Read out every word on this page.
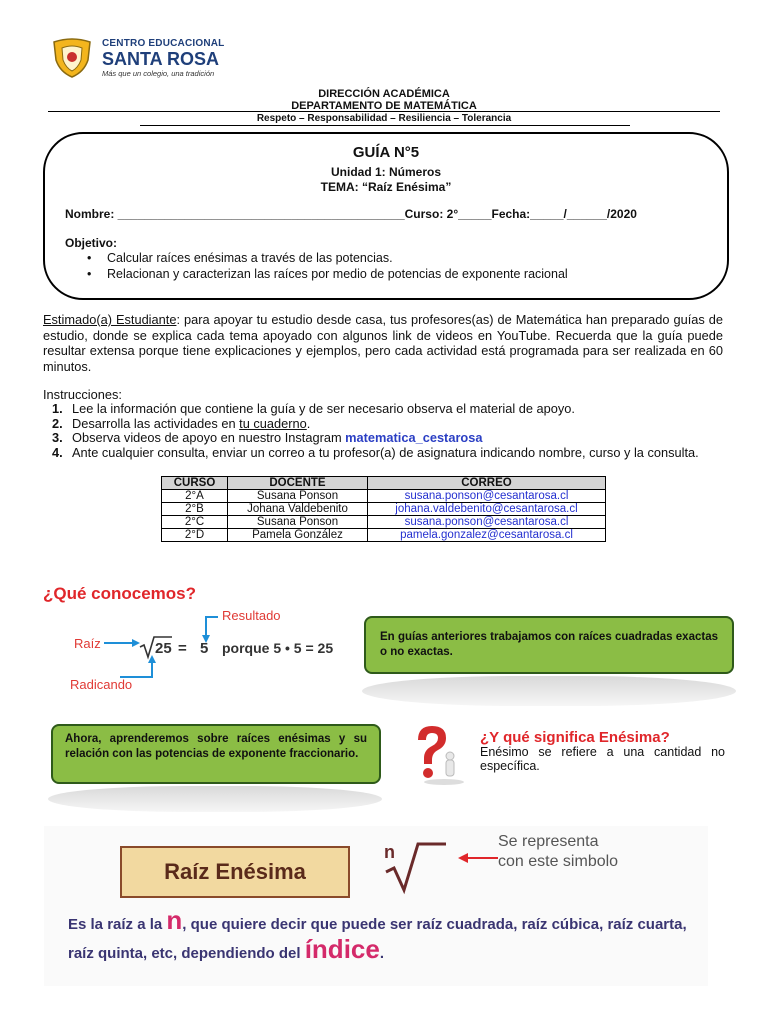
CENTRO EDUCACIONAL
SANTA ROSA
Más que un colegio, una tradición
DIRECCIÓN ACADÉMICA
DEPARTAMENTO DE MATEMÁTICA
Respeto – Responsabilidad – Resiliencia – Tolerancia
GUÍA N°5
Unidad 1: Números
TEMA: “Raíz Enésima”
Nombre: ___________________________________________Curso: 2°_____Fecha:_____/______/2020
Objetivo:
• Calcular raíces enésimas a través de las potencias.
• Relacionan y caracterizan las raíces por medio de potencias de exponente racional

Estimado(a) Estudiante: para apoyar tu estudio desde casa, tus profesores(as) de Matemática han preparado guías de estudio, donde se explica cada tema apoyado con algunos link de videos en YouTube. Recuerda que la guía puede resultar extensa porque tiene explicaciones y ejemplos, pero cada actividad está programada para ser realizada en 60 minutos.

Instrucciones:
1. Lee la información que contiene la guía y de ser necesario observa el material de apoyo.
2. Desarrolla las actividades en tu cuaderno.
3. Observa videos de apoyo en nuestro Instagram matematica_cestarosa
4. Ante cualquier consulta, enviar un correo a tu profesor(a) de asignatura indicando nombre, curso y la consulta.
CURSO	DOCENTE	CORREO
2°A	Susana Ponson	susana.ponson@cesantarosa.cl
2°B	Johana Valdebenito	johana.valdebenito@cesantarosa.cl
2°C	Susana Ponson	susana.ponson@cesantarosa.cl
2°D	Pamela González	pamela.gonzalez@cesantarosa.cl
¿Qué conocemos?
Raíz
Resultado
Radicando
25 = 5 porque 5 • 5 = 25
En guías anteriores trabajamos con raíces cuadradas exactas o no exactas.
Ahora, aprenderemos sobre raíces enésimas y su relación con las potencias de exponente fraccionario.
¿Y qué significa Enésima?
Enésimo se refiere a una cantidad no específica.
Raíz Enésima
n
Se representa
con este simbolo
Es la raíz a la n, que quiere decir que puede ser raíz cuadrada, raíz cúbica, raíz cuarta, raíz quinta, etc, dependiendo del índice.
